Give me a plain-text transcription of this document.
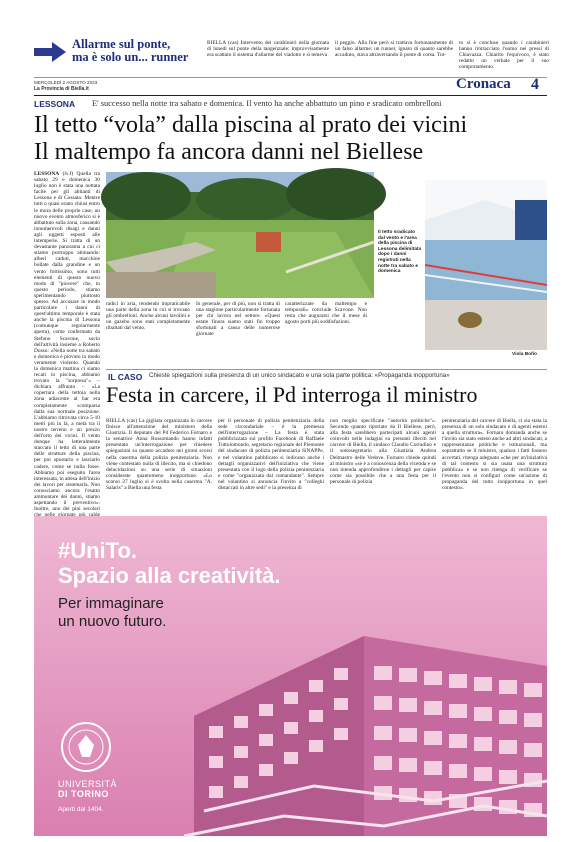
Allarme sul ponte,
ma è solo un... runner
BIELLA (cas) Intervento dei carabinieri nella giornata di lunedì sul ponte della tangenziale: improvvisamente era scattato il sistema d'allarme del viadotto e si temeva
il peggio. Alla fine però si trattava fortunatamente di un falso allarme: un runner, ignaro di quanto sarebbe accaduto, stava attraversando il ponte di corsa. Tut-
to si è concluso quando i carabinieri hanno rintracciato l'uomo nei pressi di Chiavazza. Chiarito l'equivoco, è stato redatto un verbale per il suo comportamento.
MERCOLEDÌ 2 AGOSTO 2023
La Provincia di Biella.it	Cronaca 4
LESSONA E' successo nella notte tra sabato e domenica. Il vento ha anche abbattuto un pino e sradicato ombrelloni
Il tetto “vola” dalla piscina al prato dei vicini
Il maltempo fa ancora danni nel Biellese
LESSONA (lv.f) Quella tra sabato 29 e domenica 30 luglio non è stata una nottata facile per gli abitanti di Lessona e di Cossato. Mentre tutti o quasi erano chiusi entro le mura delle proprie case, un nuovo evento atmosferico si è abbattuto sulla zona, causando innumerevoli disagi e danni agli oggetti esposti alle intemperie. Si tratta di un devastante panorama a cui ci stiamo purtroppo abituando: alberi caduti, macchine bollate dalla grandine e un vento fortissimo, sono tutti elementi di questo nuovo modo di "piovere" che, in questo periodo, stiamo sperimentando piuttosto spesso. Ad accusare in modo particolare i danni di quest'ultimo temporale è stata anche la piscina di Lessona (comunque regolarmente aperta), come confermato da Stefano Scavone, socio dell'attività insieme a Roberto Dosso: «Nella notte tra sabato e domenica è piovuto in modo veramente violento. Quando la domenica mattina ci siamo recati in piscina, abbiamo trovato la "sorpresa"» – dichiara affranto – «La copertura della tettoia nella zona adiacente al bar era completamente scomparsa dalla sua normale posizione. L'abbiamo ritrovata circa 5-10 metri più in là, a metà tra il nostro terreno e un prezzo dell'orto dei vicini. Il vento dunque ha letteralmente staccato il tetto di una parte delle strutture della piscina, per poi spostarlo e lasciarlo cadere, come se nulla fosse. Abbiamo poi eseguito l'area interessata, in attesa dell'inizio dei lavori per sistemarla. Non conosciamo ancora l'esatto ammontare dei danni, stiamo aspettando il preventivo». Inoltre, uno dei pini secolari
Il tetto sradicato dal vento e l'area della piscina di Lessona delimitata dopo i danni registrati nella notte tra sabato e domenica
Viola Boño
radici in aria, rendendo impraticabile una parte della zona in cui si trovano gli ombrelloni. Anche alcuni tavolini e un gazebo sono stati completamente ribaltati dal vento.
In generale, per di più, non si tratta di una stagione particolarmente fortunata per chi lavora nel settore. «Quest estate finora siamo stati fin troppo sfortunati a causa delle numerose giornate
caratterizzate da maltempo e temporali» conclude Scavone. Non resta che augurarsi che il mese di agosto porti più soddisfazioni.
IL CASO Chieste spiegazioni sulla presenza di un unico sindacato e una sola parte politica: «Propaganda inopportuna»
Festa in carcere, il Pd interroga il ministro
BIELLA (cas) La gigliata organizzata in carcere finisce all'attenzione del ministero della Giustizia. Il deputato del Pd Federico Fornaro e la senatrice Anna Rossomando hanno infatti presentato un'interrogazione per chiedere spiegazioni su quanto accaduto nei giorni scorsi nella caserma della polizia penitenziaria. Non viene contestato nulla di illecito, ma si chiedono delucidazioni su una serie di situazioni considerate quantomeno inopportune. «Lo scorso 27 luglio si è svolta nella caserma "A. Salaris" a Biella una festa
per il personale di polizia penitenziaria della sede circondariale – è la premessa dell'interrogazione – La festa è stata pubblicizzata sul profilo Facebook di Raffaele Tuttolomondo, segretario regionale del Piemonte del sindacato di polizia penitenziaria SiNAPPe, e nel volantino pubblicato si indicano anche i dettagli organizzativi dell'iniziativa che viene presentata con il logo della polizia penitenziaria e come "organizzata dal comandante". Sempre nel volantino si annuncia l'invito a "colleghi distaccati in altre sedi" e la presenza di
non meglio specificate "autorità politiche"». Secondo quanto riportato da Il Biellese, però, alla festa sarebbero partecipati alcuni agenti coinvolti nelle indagini su presunti illeciti nel carcere di Biella, il sindaco Claudio Corradino e il sottosegretario alla Giustizia Andrea Delmastro delle Vedove. Fornaro chiede quindi al ministro «se è a conoscenza della vicenda e se non intenda approfondirne i dettagli per capire come sia possibile che a una festa per il personale di polizia
penitenziaria del carcere di Biella, ci sia stata la presenza di un solo sindacato e di agenti esterni a quella struttura». Fornaro domanda anche se l'invito sia stato esteso anche ad altri sindacati, a rappresentanze politiche e istituzionali, ma soprattutto se il ministro, qualora i fatti fossero accertati, ritenga adeguato «che per un'iniziativa di tal contesto si sia usata una struttura pubblica» e se non ritenga di verificare se l'evento non si configuri come un'azione di propaganda del tutto inopportuna in quel contesto».
#UniTo.
Spazio alla creatività.
Per immaginare
un nuovo futuro.
UNIVERSITÀ
DI TORINO
Aperti dal 1404.
